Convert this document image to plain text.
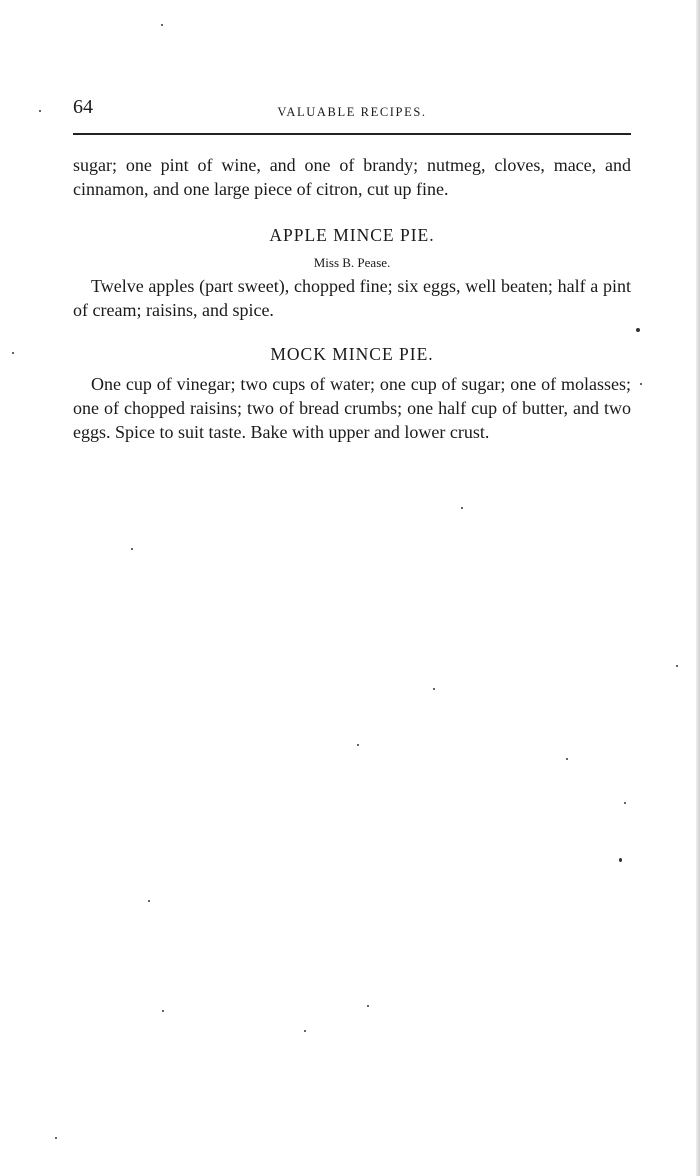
64	VALUABLE RECIPES.
sugar; one pint of wine, and one of brandy; nutmeg, cloves, mace, and cinnamon, and one large piece of citron, cut up fine.
APPLE MINCE PIE.
Miss B. Pease.
Twelve apples (part sweet), chopped fine; six eggs, well beaten; half a pint of cream; raisins, and spice.
MOCK MINCE PIE.
One cup of vinegar; two cups of water; one cup of sugar; one of molasses; one of chopped raisins; two of bread crumbs; one half cup of butter, and two eggs. Spice to suit taste. Bake with upper and lower crust.
